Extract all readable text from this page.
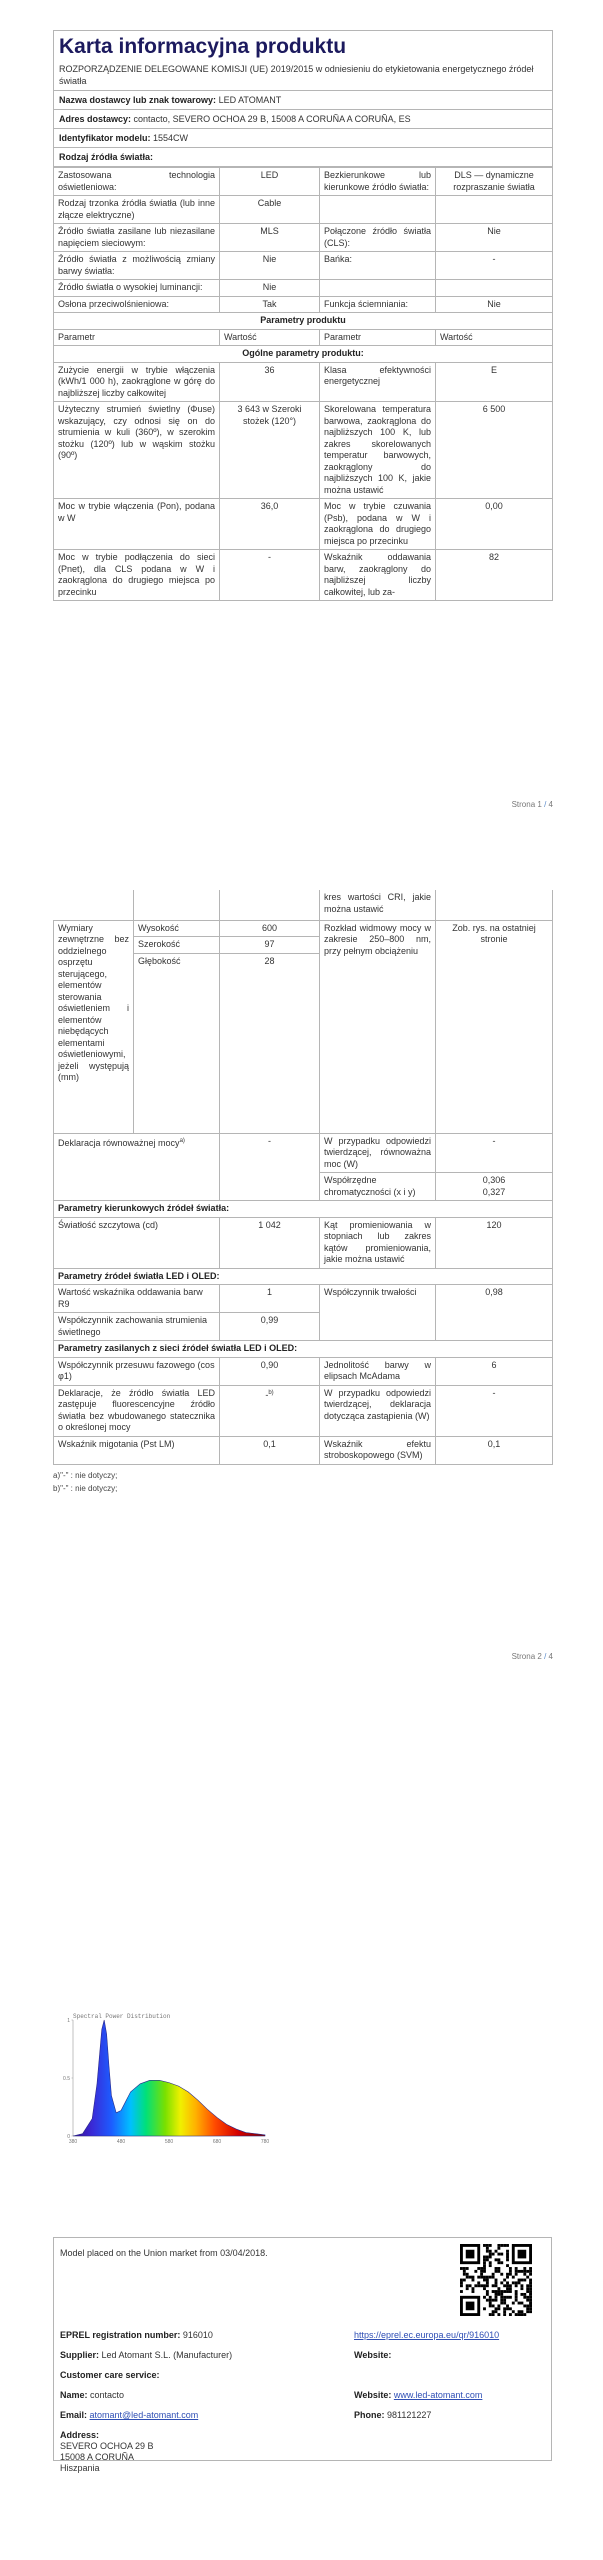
Karta informacyjna produktu
ROZPORZĄDZENIE DELEGOWANE KOMISJI (UE) 2019/2015 w odniesieniu do etykietowania energetycznego źródeł światła
Nazwa dostawcy lub znak towarowy: LED ATOMANT
Adres dostawcy: contacto, SEVERO OCHOA 29 B, 15008 A CORUÑA A CORUÑA, ES
Identyfikator modelu: 1554CW
Rodzaj źródła światła:
Zastosowana technologia oświetleniowa:	LED	Bezkierunkowe lub kierunkowe źródło światła:	DLS — dynamiczne rozpraszanie światła
Rodzaj trzonka źródła światła (lub inne złącze elektryczne)	Cable		
Źródło światła zasilane lub niezasilane napięciem sieciowym:	MLS	Połączone źródło światła (CLS):	Nie
Źródło światła z możliwością zmiany barwy światła:	Nie	Bańka:	-
Źródło światła o wysokiej luminancji:	Nie		
Osłona przeciwolśnieniowa:	Tak	Funkcja ściemniania:	Nie
Parametry produktu			
Parametr	Wartość	Parametr	Wartość
Ogólne parametry produktu:			
Zużycie energii w trybie włączenia (kWh/1 000 h), zaokrąglone w górę do najbliższej liczby całkowitej	36	Klasa efektywności energetycznej	E
Użyteczny strumień świetlny (Φuse) wskazujący, czy odnosi się on do strumienia w kuli (360º), w szerokim stożku (120º) lub w wąskim stożku (90º)	3 643 w Szeroki stożek (120°)	Skorelowana temperatura barwowa, zaokrąglona do najbliższych 100 K, lub zakres skorelowanych temperatur barwowych, zaokrąglony do najbliższych 100 K, jakie można ustawić	6 500
Moc w trybie włączenia (Pon), podana w W	36,0	Moc w trybie czuwania (Psb), podana w W i zaokrąglona do drugiego miejsca po przecinku	0,00
Moc w trybie podłączenia do sieci (Pnet), dla CLS podana w W i zaokrąglona do drugiego miejsca po przecinku	-	Wskaźnik oddawania barw, zaokrąglony do najbliższej liczby całkowitej, lub za-	82
Strona 1 / 4
			kres wartości CRI, jakie można ustawić	
Wymiary zewnętrzne bez oddzielnego osprzętu sterującego, elementów sterowania oświetleniem i elementów niebędących elementami oświetleniowymi, jeżeli występują (mm)	Wysokość	600	Rozkład widmowy mocy w zakresie 250–800 nm, przy pełnym obciążeniu	Zob. rys. na ostatniej stronie
	Szerokość	97		
	Głębokość	28		
Deklaracja równoważnej mocy$^{a)}$		-	W przypadku odpowiedzi twierdzącej, równoważna moc (W)	-
			Współrzędne chromatyczności (x i y)	0,306
0,327

Parametry kierunkowych źródeł światła:				
Światłość szczytowa (cd)		1 042	Kąt promieniowania w stopniach lub zakres kątów promieniowania, jakie można ustawić	120
Parametry źródeł światła LED i OLED:				
Wartość wskaźnika oddawania barw R9		1	Współczynnik trwałości	0,98
Współczynnik zachowania strumienia świetlnego		0,99		
Parametry zasilanych z sieci źródeł światła LED i OLED:				
Współczynnik przesuwu fazowego (cos φ1)		0,90	Jednolitość barwy w elipsach McAdama	6
Deklaracje, że źródło światła LED zastępuje fluorescencyjne źródło światła bez wbudowanego statecznika o określonej mocy		-$^{b)}$	W przypadku odpowiedzi twierdzącej, deklaracja dotycząca zastąpienia (W)	-
Wskaźnik migotania (Pst LM)		0,1	Wskaźnik efektu stroboskopowego (SVM)	0,1
a)"-" : nie dotyczy;
b)"-" : nie dotyczy;
Strona 2 / 4
0
0.5
1
380	480	580	680	780
Spectral Power Distribution
Model placed on the Union market from 03/04/2018.
EPREL registration number: 916010	https://eprel.ec.europa.eu/qr/916010
Supplier: Led Atomant S.L. (Manufacturer)	Website:
Customer care service:
Name: contacto	Website: www.led-atomant.com
Email: atomant@led-atomant.com	Phone: 981121227
Address:
SEVERO OCHOA 29 B
15008 A CORUÑA
Hiszpania
